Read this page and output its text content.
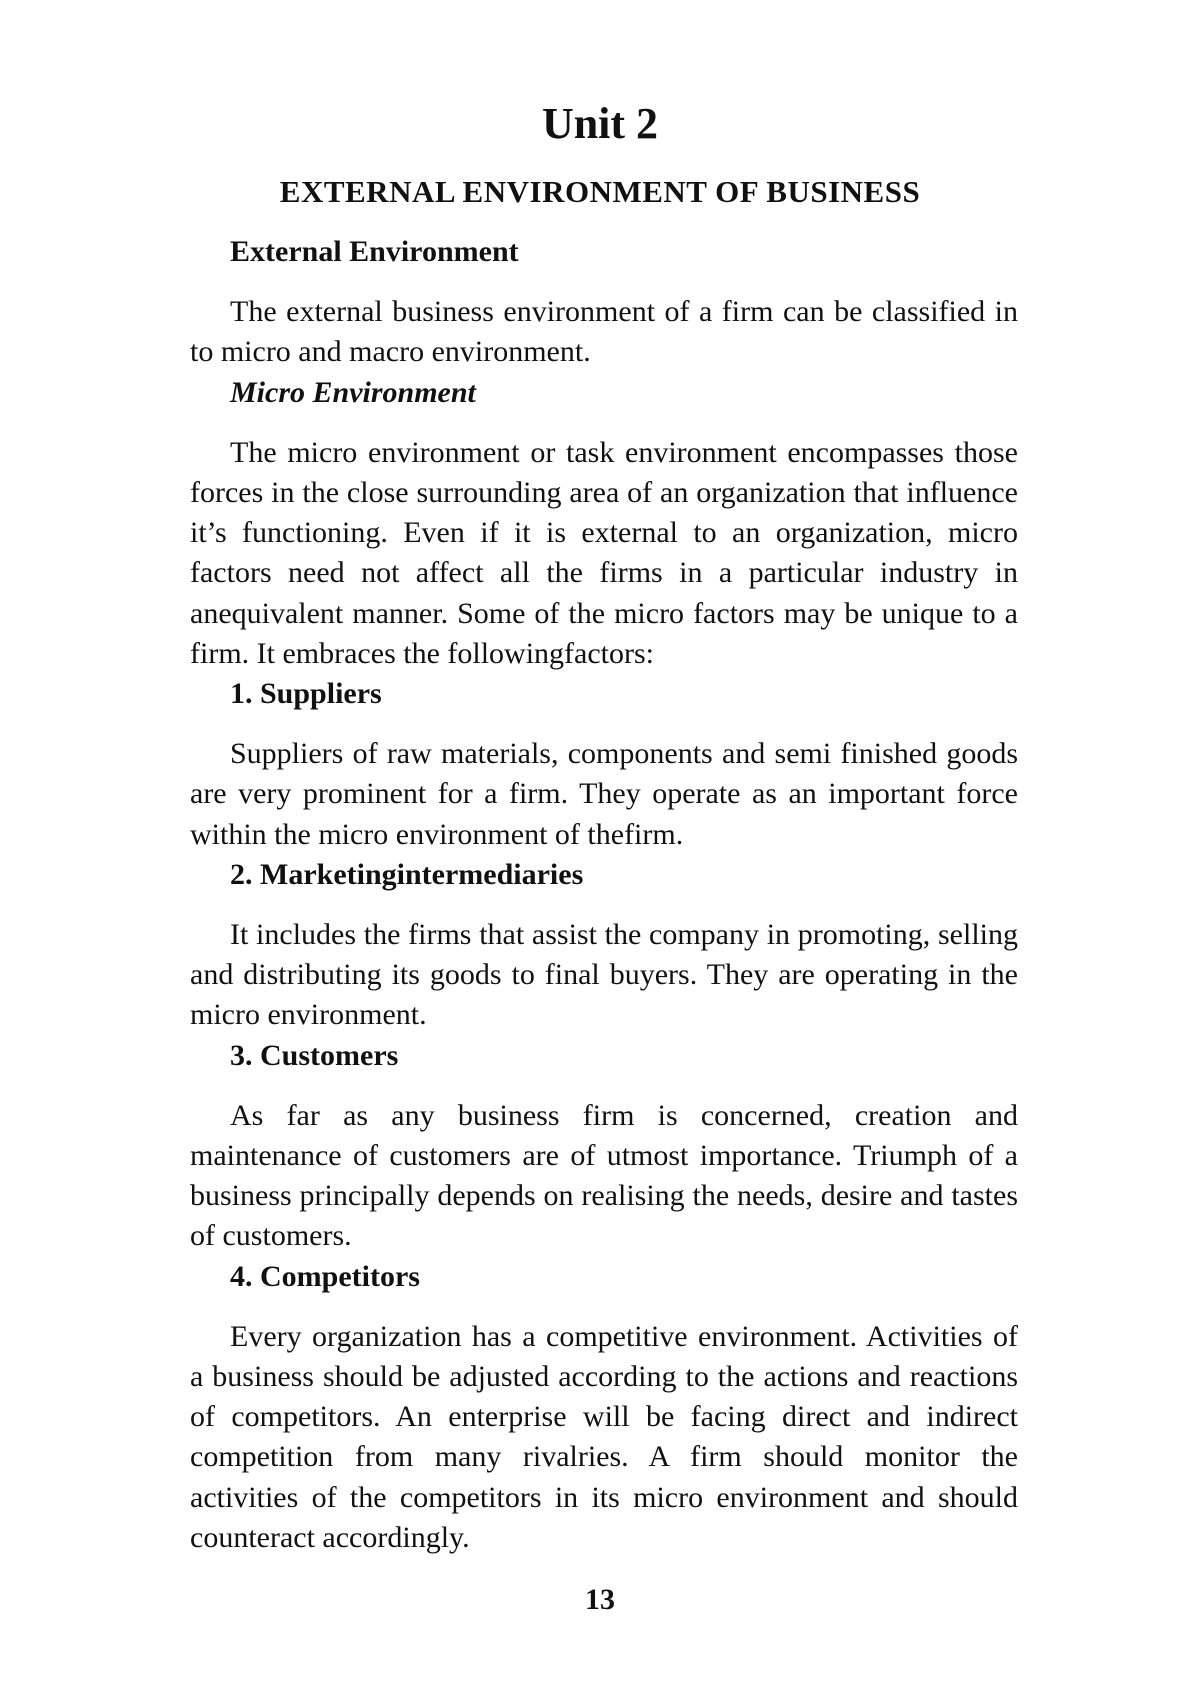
Unit 2
EXTERNAL ENVIRONMENT OF BUSINESS

External Environment

The external business environment of a firm can be classified in to micro and macro environment.

Micro Environment

The micro environment or task environment encompasses those forces in the close surrounding area of an organization that influence it’s functioning. Even if it is external to an organization, micro factors need not affect all the firms in a particular industry in anequivalent manner. Some of the micro factors may be unique to a firm. It embraces the followingfactors:

1. Suppliers

Suppliers of raw materials, components and semi finished goods are very prominent for a firm. They operate as an important force within the micro environment of thefirm.

2. Marketingintermediaries

It includes the firms that assist the company in promoting, selling and distributing its goods to final buyers. They are operating in the micro environment.

3. Customers

As far as any business firm is concerned, creation and maintenance of customers are of utmost importance. Triumph of a business principally depends on realising the needs, desire and tastes of customers.

4. Competitors

Every organization has a competitive environment. Activities of a business should be adjusted according to the actions and reactions of competitors. An enterprise will be facing direct and indirect competition from many rivalries. A firm should monitor the activities of the competitors in its micro environment and should counteract accordingly.

13
